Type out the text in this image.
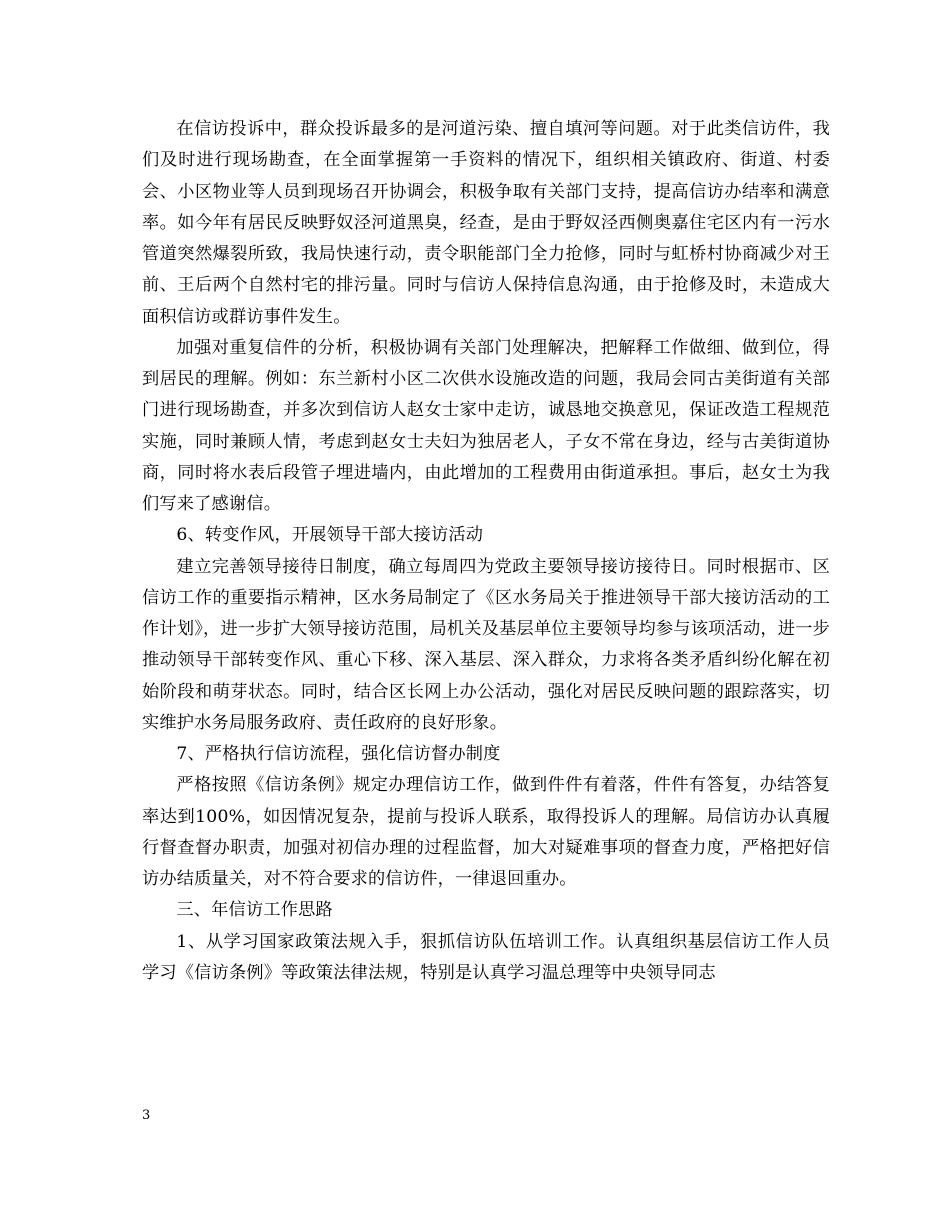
在信访投诉中，群众投诉最多的是河道污染、擅自填河等问题。对于此类信访件，我们及时进行现场勘查，在全面掌握第一手资料的情况下，组织相关镇政府、街道、村委会、小区物业等人员到现场召开协调会，积极争取有关部门支持，提高信访办结率和满意率。如今年有居民反映野奴泾河道黑臭，经查，是由于野奴泾西侧奥嘉住宅区内有一污水管道突然爆裂所致，我局快速行动，责令职能部门全力抢修，同时与虹桥村协商减少对王前、王后两个自然村宅的排污量。同时与信访人保持信息沟通，由于抢修及时，未造成大面积信访或群访事件发生。

加强对重复信件的分析，积极协调有关部门处理解决，把解释工作做细、做到位，得到居民的理解。例如：东兰新村小区二次供水设施改造的问题，我局会同古美街道有关部门进行现场勘查，并多次到信访人赵女士家中走访，诚恳地交换意见，保证改造工程规范实施，同时兼顾人情，考虑到赵女士夫妇为独居老人，子女不常在身边，经与古美街道协商，同时将水表后段管子埋进墙内，由此增加的工程费用由街道承担。事后，赵女士为我们写来了感谢信。

6、转变作风，开展领导干部大接访活动

建立完善领导接待日制度，确立每周四为党政主要领导接访接待日。同时根据市、区信访工作的重要指示精神，区水务局制定了《区水务局关于推进领导干部大接访活动的工作计划》，进一步扩大领导接访范围，局机关及基层单位主要领导均参与该项活动，进一步推动领导干部转变作风、重心下移、深入基层、深入群众，力求将各类矛盾纠纷化解在初始阶段和萌芽状态。同时，结合区长网上办公活动，强化对居民反映问题的跟踪落实，切实维护水务局服务政府、责任政府的良好形象。

7、严格执行信访流程，强化信访督办制度

严格按照《信访条例》规定办理信访工作，做到件件有着落，件件有答复，办结答复率达到100%，如因情况复杂，提前与投诉人联系，取得投诉人的理解。局信访办认真履行督查督办职责，加强对初信办理的过程监督，加大对疑难事项的督查力度，严格把好信访办结质量关，对不符合要求的信访件，一律退回重办。

三、年信访工作思路

1、从学习国家政策法规入手，狠抓信访队伍培训工作。认真组织基层信访工作人员学习《信访条例》等政策法律法规，特别是认真学习温总理等中央领导同志

3
